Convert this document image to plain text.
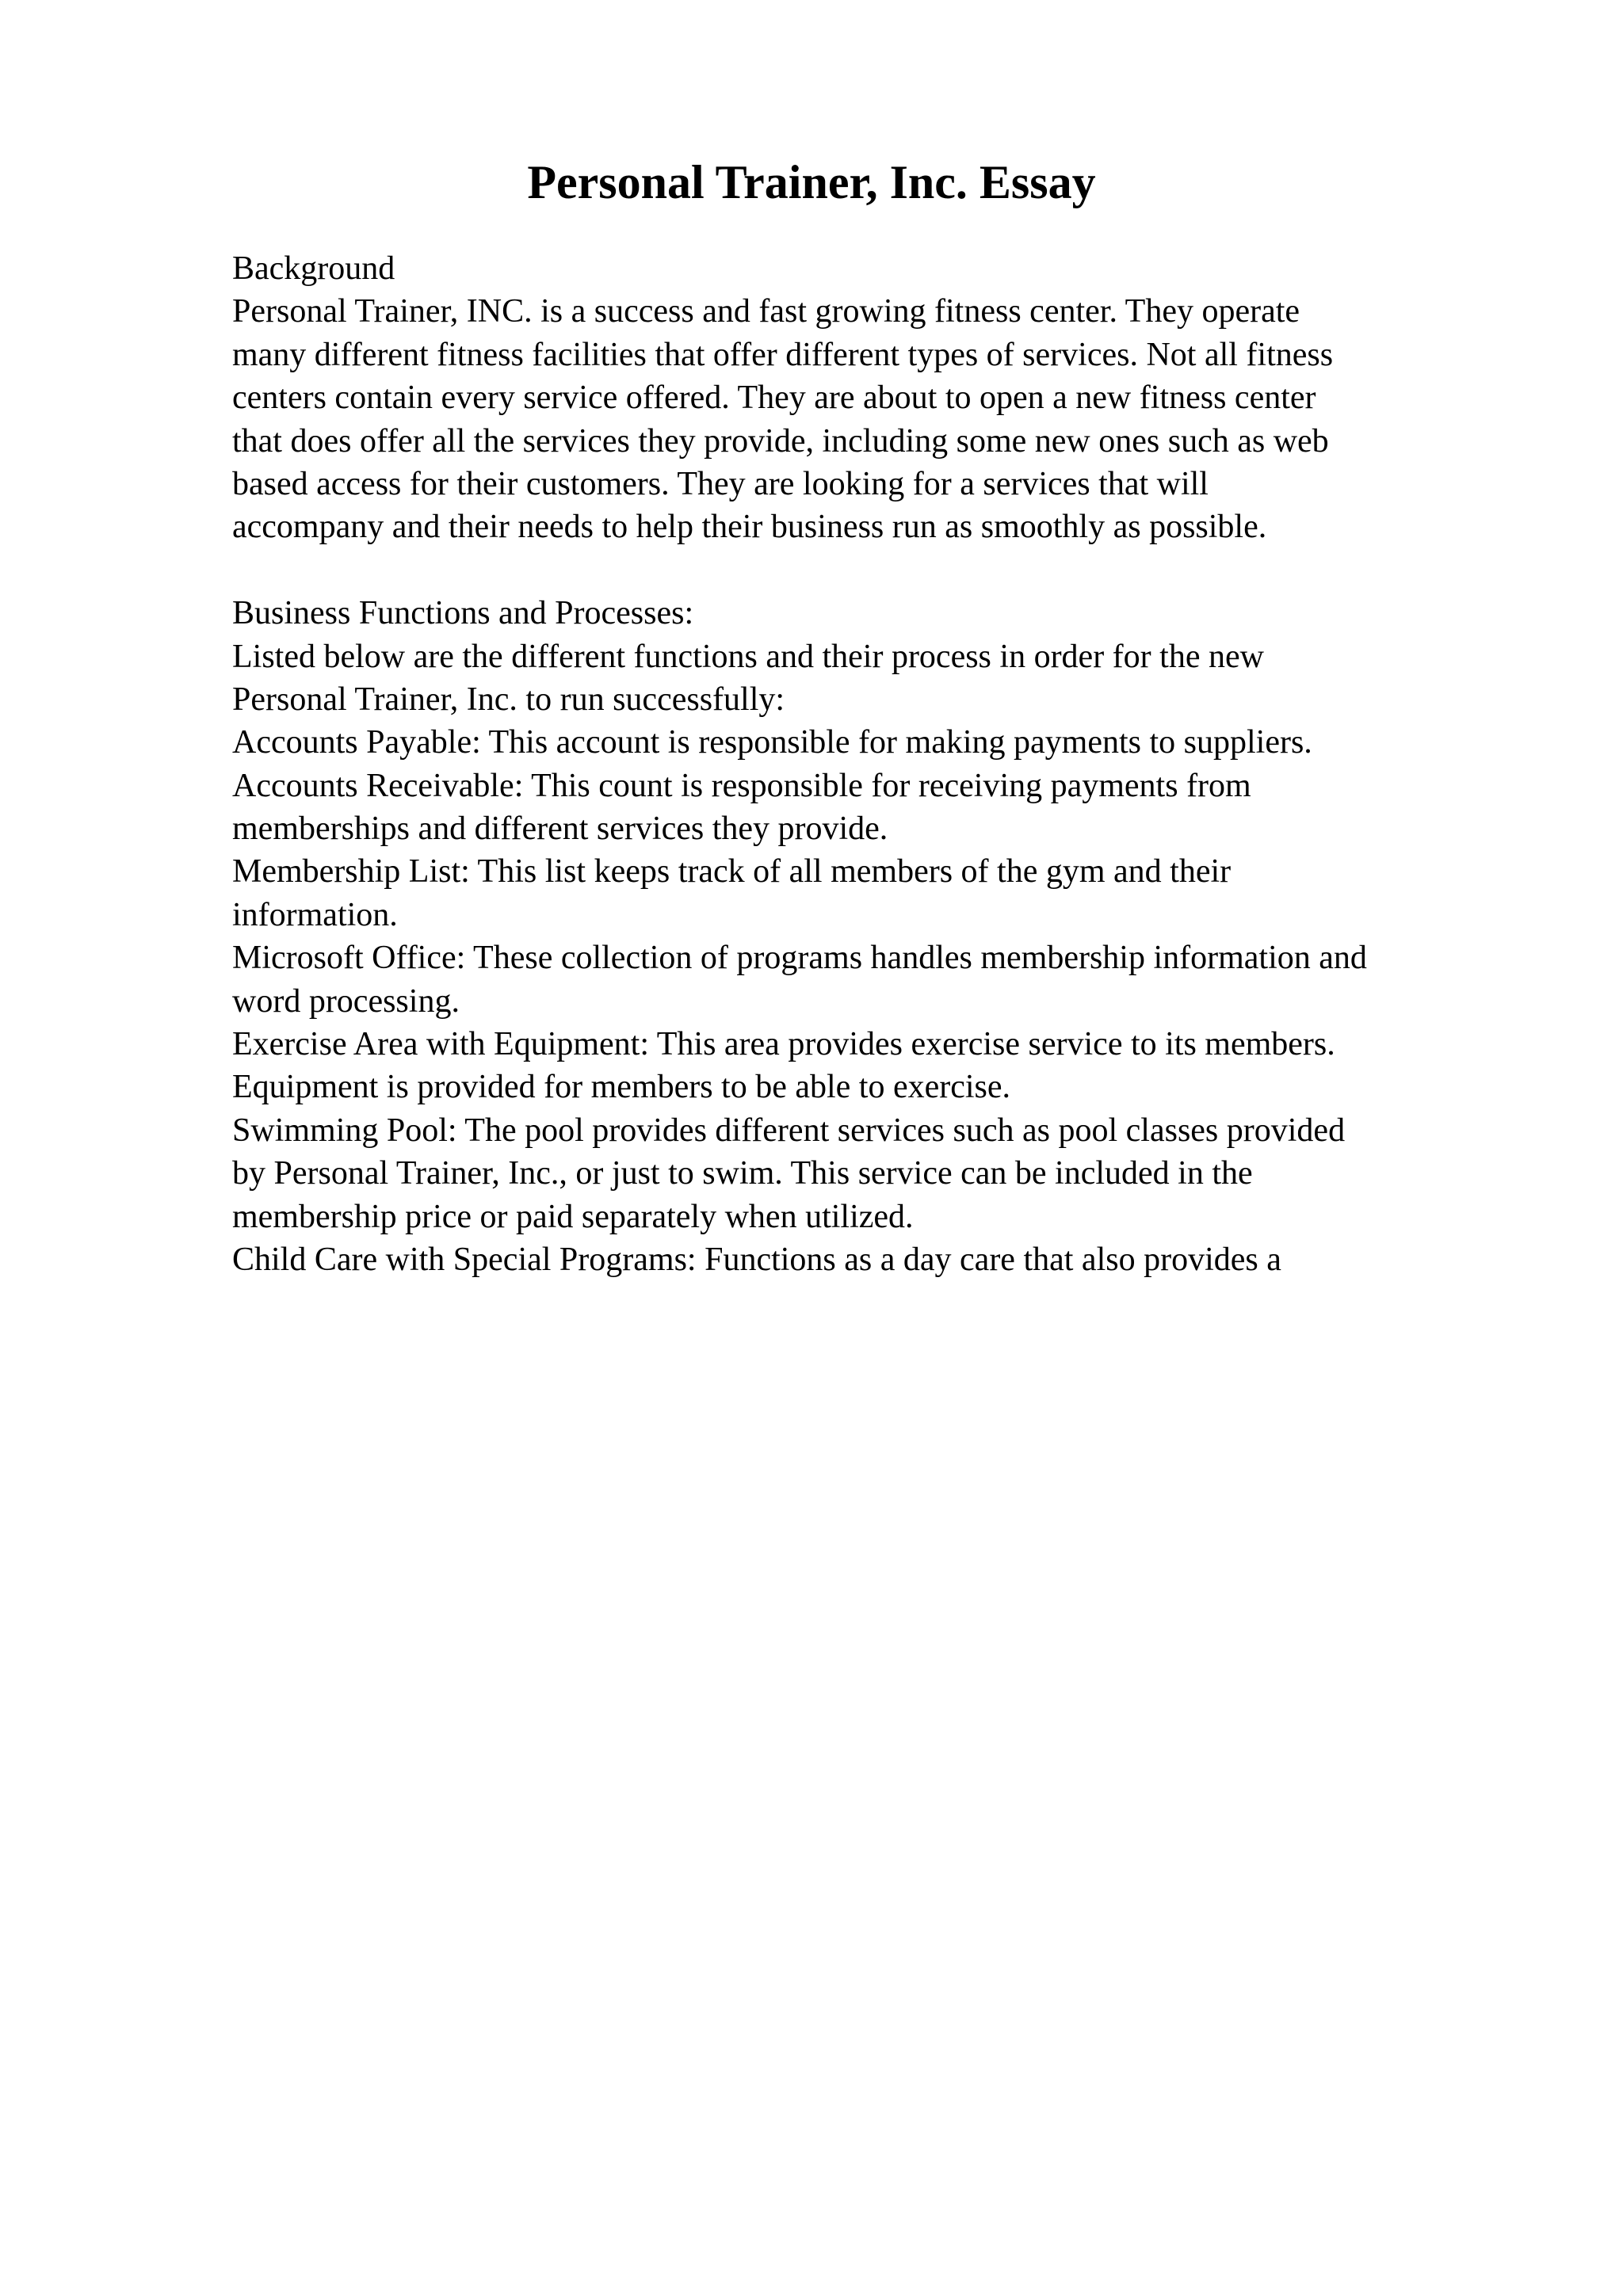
Personal Trainer, Inc. Essay

Background

Personal Trainer, INC. is a success and fast growing fitness center. They operate

many different fitness facilities that offer different types of services. Not all fitness

centers contain every service offered. They are about to open a new fitness center

that does offer all the services they provide, including some new ones such as web

based access for their customers. They are looking for a services that will

accompany and their needs to help their business run as smoothly as possible.

Business Functions and Processes:

Listed below are the different functions and their process in order for the new

Personal Trainer, Inc. to run successfully:

Accounts Payable: This account is responsible for making payments to suppliers.

Accounts Receivable: This count is responsible for receiving payments from

memberships and different services they provide.

Membership List: This list keeps track of all members of the gym and their

information.

Microsoft Office: These collection of programs handles membership information and

word processing.

Exercise Area with Equipment: This area provides exercise service to its members.

Equipment is provided for members to be able to exercise.

Swimming Pool: The pool provides different services such as pool classes provided

by Personal Trainer, Inc., or just to swim. This service can be included in the

membership price or paid separately when utilized.

Child Care with Special Programs: Functions as a day care that also provides a
